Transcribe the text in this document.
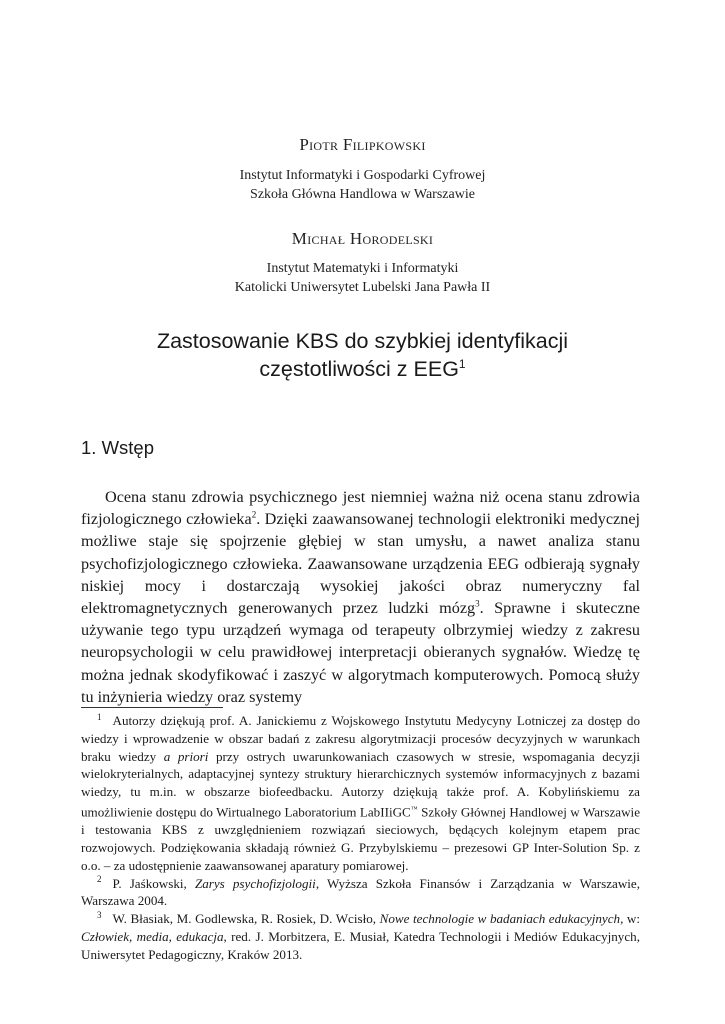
Piotr Filipkowski
Instytut Informatyki i Gospodarki Cyfrowej
Szkoła Główna Handlowa w Warszawie
Michał Horodelski
Instytut Matematyki i Informatyki
Katolicki Uniwersytet Lubelski Jana Pawła II
Zastosowanie KBS do szybkiej identyfikacji
częstotliwości z EEG$^1$
1. Wstęp

Ocena stanu zdrowia psychicznego jest niemniej ważna niż ocena stanu zdrowia fizjologicznego człowieka$^2$. Dzięki zaawansowanej technologii elektroniki medycznej możliwe staje się spojrzenie głębiej w stan umysłu, a nawet analiza stanu psychofizjologicznego człowieka. Zaawansowane urządzenia EEG odbierają sygnały niskiej mocy i dostarczają wysokiej jakości obraz numeryczny fal elektromagnetycznych generowanych przez ludzki mózg$^3$. Sprawne i skuteczne używanie tego typu urządzeń wymaga od terapeuty olbrzymiej wiedzy z zakresu neuropsychologii w celu prawidłowej interpretacji obieranych sygnałów. Wiedzę tę można jednak skodyfikować i zaszyć w algorytmach komputerowych. Pomocą służy tu inżynieria wiedzy oraz systemy

$^1$ Autorzy dziękują prof. A. Janickiemu z Wojskowego Instytutu Medycyny Lotniczej za dostęp do wiedzy i wprowadzenie w obszar badań z zakresu algorytmizacji procesów decyzyjnych w warunkach braku wiedzy a priori przy ostrych uwarunkowaniach czasowych w stresie, wspomagania decyzji wielokryterialnych, adaptacyjnej syntezy struktury hierarchicznych systemów informacyjnych z bazami wiedzy, tu m.in. w obszarze biofeedbacku. Autorzy dziękują także prof. A. Kobylińskiemu za umożliwienie dostępu do Wirtualnego Laboratorium LabIIiGC™ Szkoły Głównej Handlowej w Warszawie i testowania KBS z uwzględnieniem rozwiązań sieciowych, będących kolejnym etapem prac rozwojowych. Podziękowania składają również G. Przybylskiemu – prezesowi GP Inter-Solution Sp. z o.o. – za udostępnienie zaawansowanej aparatury pomiarowej.

$^2$ P. Jaśkowski, Zarys psychofizjologii, Wyższa Szkoła Finansów i Zarządzania w Warszawie, Warszawa 2004.

$^3$ W. Błasiak, M. Godlewska, R. Rosiek, D. Wcisło, Nowe technologie w badaniach edukacyjnych, w: Człowiek, media, edukacja, red. J. Morbitzera, E. Musiał, Katedra Technologii i Mediów Edukacyjnych, Uniwersytet Pedagogiczny, Kraków 2013.
